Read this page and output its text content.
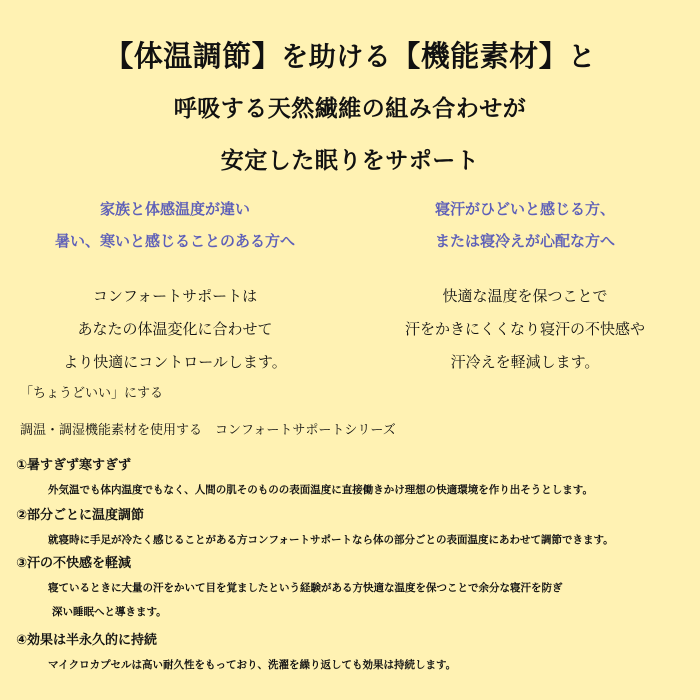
【体温調節】を助ける【機能素材】と
呼吸する天然繊維の組み合わせが
安定した眠りをサポート
家族と体感温度が違い
暑い、寒いと感じることのある方へ
コンフォートサポートは
あなたの体温変化に合わせて
より快適にコントロールします。
寝汗がひどいと感じる方、
または寝冷えが心配な方へ
快適な温度を保つことで
汗をかきにくくなり寝汗の不快感や
汗冷えを軽減します。
「ちょうどいい」にする
調温・調湿機能素材を使用する　コンフォートサポートシリーズ
①暑すぎず寒すぎず
外気温でも体内温度でもなく、人間の肌そのものの表面温度に直接働きかけ理想の快適環境を作り出そうとします。
②部分ごとに温度調節
就寝時に手足が冷たく感じることがある方コンフォートサポートなら体の部分ごとの表面温度にあわせて調節できます。
③汗の不快感を軽減
寝ているときに大量の汗をかいて目を覚ましたという経験がある方快適な温度を保つことで余分な寝汗を防ぎ
深い睡眠へと導きます。
④効果は半永久的に持続
マイクロカプセルは高い耐久性をもっており、洗濯を繰り返しても効果は持続します。
